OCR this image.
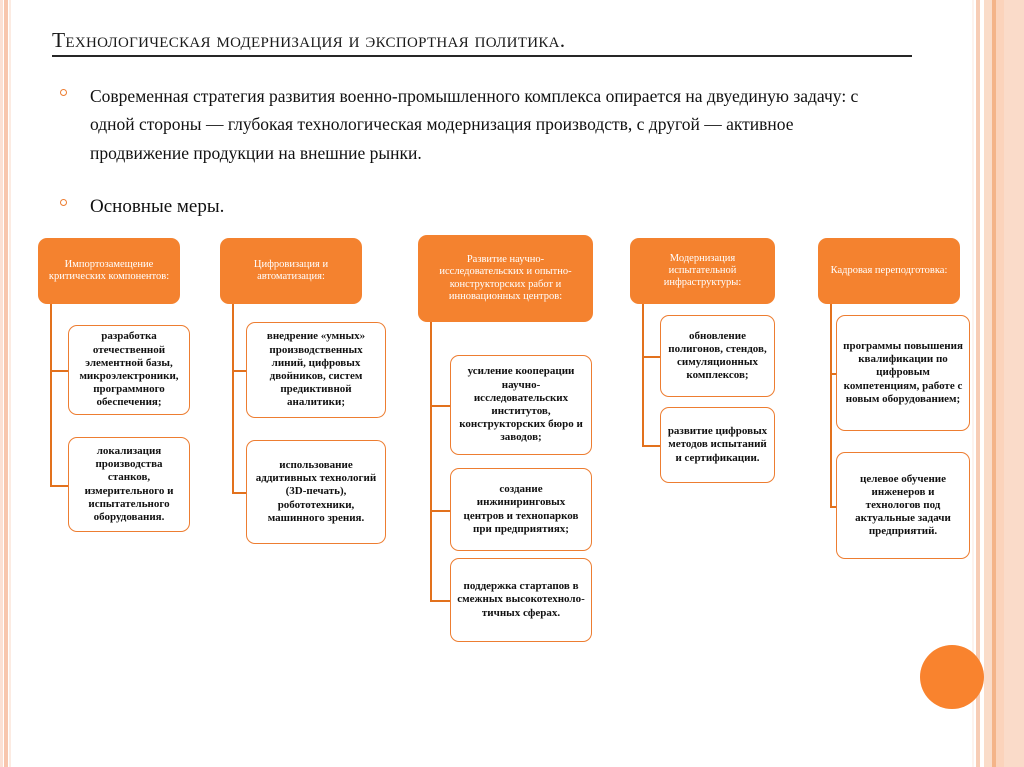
Технологическая модернизация и экспортная политика.
Современная стратегия развития военно-промышленного комплекса опирается на двуединую задачу: с одной стороны — глубокая технологическая модернизация производств, с другой — активное продвижение продукции на внешние рынки.
Основные меры.
Импортозамещение критических компонентов:
разработка отечественной элементной базы, микроэлектроники, программного обеспечения;
локализация производства станков, измерительного и испытательного оборудования.
Цифровизация и автоматизация:
внедрение «умных» производственных линий, цифровых двойников, систем предиктивной аналитики;
использование аддитивных технологий (3D-печать), робототехники, машинного зрения.
Развитие научно-исследовательских и опытно-конструкторских работ и инновационных центров:
усиление кооперации научно-исследовательских институтов, конструкторских бюро и заводов;
создание инжиниринговых центров и технопарков при предприятиях;
поддержка стартапов в смежных высокотехноло-тичных сферах.
Модернизация испытательной инфраструктуры:
обновление полигонов, стендов, симуляционных комплексов;
развитие цифровых методов испытаний и сертификации.
Кадровая переподготовка:
программы повышения квалификации по цифровым компетенциям, работе с новым оборудованием;
целевое обучение инженеров и технологов под актуальные задачи предприятий.
